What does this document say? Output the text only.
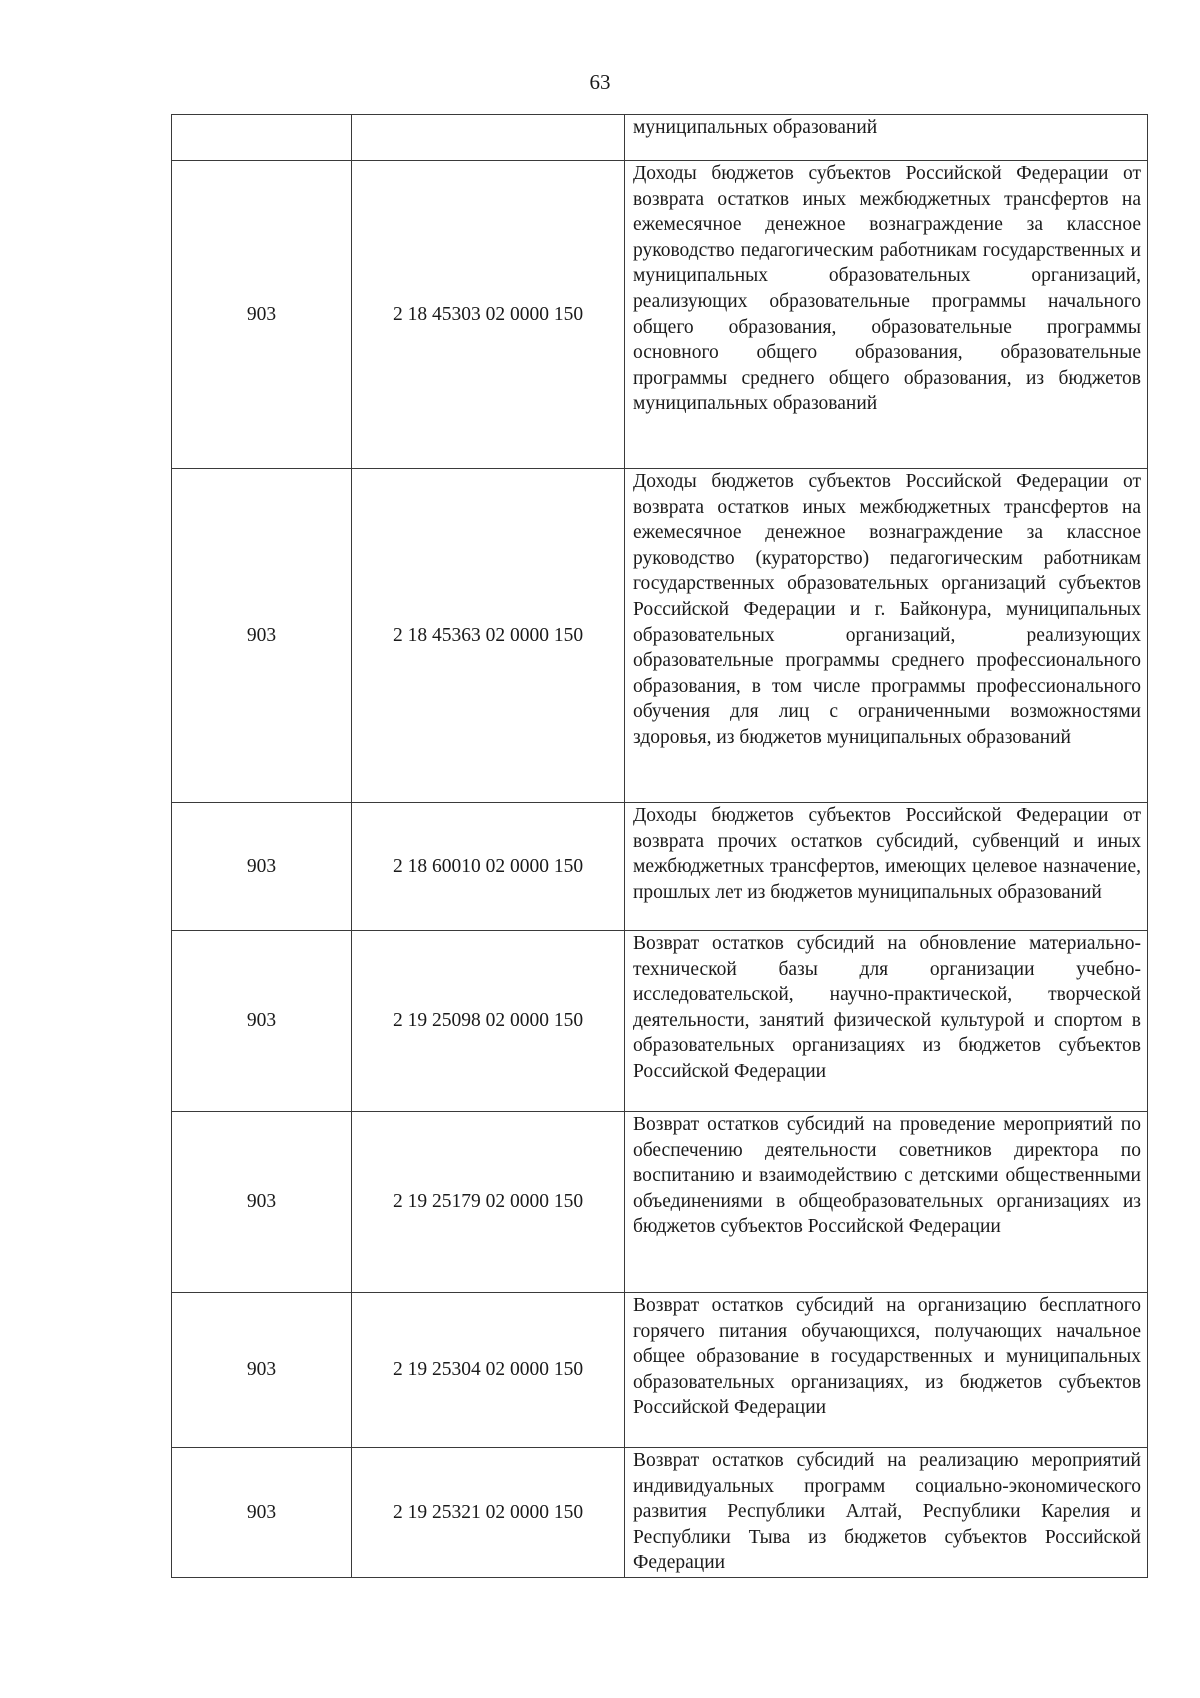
63
		муниципальных образований
903	2 18 45303 02 0000 150	Доходы бюджетов субъектов Российской Федерации от возврата остатков иных межбюджетных трансфертов на ежемесячное денежное вознаграждение за классное руководство педагогическим работникам государственных и муниципальных образовательных организаций, реализующих образовательные программы начального общего образования, образовательные программы основного общего образования, образовательные программы среднего общего образования, из бюджетов муниципальных образований
903	2 18 45363 02 0000 150	Доходы бюджетов субъектов Российской Федерации от возврата остатков иных межбюджетных трансфертов на ежемесячное денежное вознаграждение за классное руководство (кураторство) педагогическим работникам государственных образовательных организаций субъектов Российской Федерации и г. Байконура, муниципальных образовательных организаций, реализующих образовательные программы среднего профессионального образования, в том числе программы профессионального обучения для лиц с ограниченными возможностями здоровья, из бюджетов муниципальных образований
903	2 18 60010 02 0000 150	Доходы бюджетов субъектов Российской Федерации от возврата прочих остатков субсидий, субвенций и иных межбюджетных трансфертов, имеющих целевое назначение, прошлых лет из бюджетов муниципальных образований
903	2 19 25098 02 0000 150	Возврат остатков субсидий на обновление материально-технической базы для организации учебно-исследовательской, научно-практической, творческой деятельности, занятий физической культурой и спортом в образовательных организациях из бюджетов субъектов Российской Федерации
903	2 19 25179 02 0000 150	Возврат остатков субсидий на проведение мероприятий по обеспечению деятельности советников директора по воспитанию и взаимодействию с детскими общественными объединениями в общеобразовательных организациях из бюджетов субъектов Российской Федерации
903	2 19 25304 02 0000 150	Возврат остатков субсидий на организацию бесплатного горячего питания обучающихся, получающих начальное общее образование в государственных и муниципальных образовательных организациях, из бюджетов субъектов Российской Федерации
903	2 19 25321 02 0000 150	Возврат остатков субсидий на реализацию мероприятий индивидуальных программ социально-экономического развития Республики Алтай, Республики Карелия и Республики Тыва из бюджетов субъектов Российской Федерации
